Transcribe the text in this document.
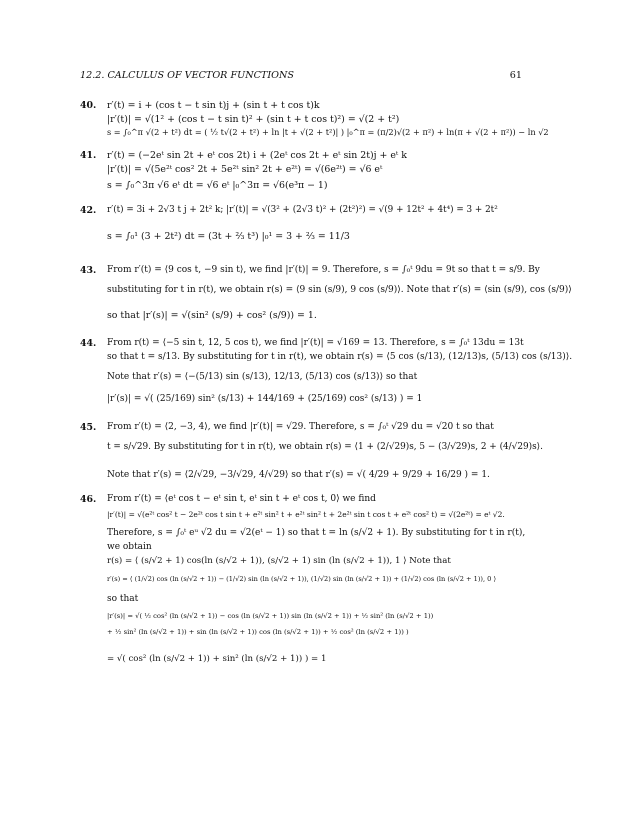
12.2. CALCULUS OF VECTOR FUNCTIONS	61
40. r′(t) = i + (cos t − t sin t)j + (sin t + t cos t)k
|r′(t)| = √(1² + (cos t − t sin t)² + (sin t + t cos t)²) = √(2 + t²)
s = ∫₀^π √(2 + t²) dt = ( ½ t√(2 + t²) + ln |t + √(2 + t²)| ) |₀^π = (π/2)√(2 + π²) + ln(π + √(2 + π²)) − ln √2
41. r′(t) = (−2eᵗ sin 2t + eᵗ cos 2t) i + (2eᵗ cos 2t + eᵗ sin 2t)j + eᵗ k
|r′(t)| = √(5e²ᵗ cos² 2t + 5e²ᵗ sin² 2t + e²ᵗ) = √(6e²ᵗ) = √6 eᵗ
s = ∫₀^3π √6 eᵗ dt = √6 eᵗ |₀^3π = √6(e³π − 1)
42. r′(t) = 3i + 2√3 t j + 2t² k; |r′(t)| = √(3² + (2√3 t)² + (2t²)²) = √(9 + 12t² + 4t⁴) = 3 + 2t²
s = ∫₀¹ (3 + 2t²) dt = (3t + ⅔ t³) |₀¹ = 3 + ⅔ = 11/3
43. From r′(t) = ⟨9 cos t, −9 sin t⟩, we find |r′(t)| = 9. Therefore, s = ∫₀ᵗ 9du = 9t so that t = s/9. By
substituting for t in r(t), we obtain r(s) = ⟨9 sin (s/9), 9 cos (s/9)⟩. Note that r′(s) = ⟨sin (s/9), cos (s/9)⟩
so that |r′(s)| = √(sin² (s/9) + cos² (s/9)) = 1.
44. From r(t) = ⟨−5 sin t, 12, 5 cos t⟩, we find |r′(t)| = √169 = 13. Therefore, s = ∫₀ᵗ 13du = 13t
so that t = s/13. By substituting for t in r(t), we obtain r(s) = ⟨5 cos (s/13), (12/13)s, (5/13) cos (s/13)⟩.
Note that r′(s) = ⟨−(5/13) sin (s/13), 12/13, (5/13) cos (s/13)⟩ so that
|r′(s)| = √( (25/169) sin² (s/13) + 144/169 + (25/169) cos² (s/13) ) = 1
45. From r′(t) = ⟨2, −3, 4⟩, we find |r′(t)| = √29. Therefore, s = ∫₀ᵗ √29 du = √20 t so that
t = s/√29. By substituting for t in r(t), we obtain r(s) = ⟨1 + (2/√29)s, 5 − (3/√29)s, 2 + (4/√29)s⟩.
Note that r′(s) = ⟨2/√29, −3/√29, 4/√29⟩ so that r′(s) = √( 4/29 + 9/29 + 16/29 ) = 1.
46. From r′(t) = ⟨eᵗ cos t − eᵗ sin t, eᵗ sin t + eᵗ cos t, 0⟩ we find
|r′(t)| = √(e²ᵗ cos² t − 2e²ᵗ cos t sin t + e²ᵗ sin² t + e²ᵗ sin² t + 2e²ᵗ sin t cos t + e²ᵗ cos² t) = √(2e²ᵗ) = eᵗ √2.
Therefore, s = ∫₀ᵗ eᵘ √2 du = √2(eᵗ − 1) so that t = ln (s/√2 + 1). By substituting for t in r(t),
we obtain
r(s) = ⟨ (s/√2 + 1) cos(ln (s/√2 + 1)), (s/√2 + 1) sin (ln (s/√2 + 1)), 1 ⟩ Note that
r′(s) = ⟨ (1/√2) cos (ln (s/√2 + 1)) − (1/√2) sin (ln (s/√2 + 1)), (1/√2) sin (ln (s/√2 + 1)) + (1/√2) cos (ln (s/√2 + 1)), 0 ⟩
so that
|r′(s)| = √( ½ cos² (ln (s/√2 + 1)) − cos (ln (s/√2 + 1)) sin (ln (s/√2 + 1)) + ½ sin² (ln (s/√2 + 1))
+ ½ sin² (ln (s/√2 + 1)) + sin (ln (s/√2 + 1)) cos (ln (s/√2 + 1)) + ½ cos² (ln (s/√2 + 1)) )
= √( cos² (ln (s/√2 + 1)) + sin² (ln (s/√2 + 1)) ) = 1
